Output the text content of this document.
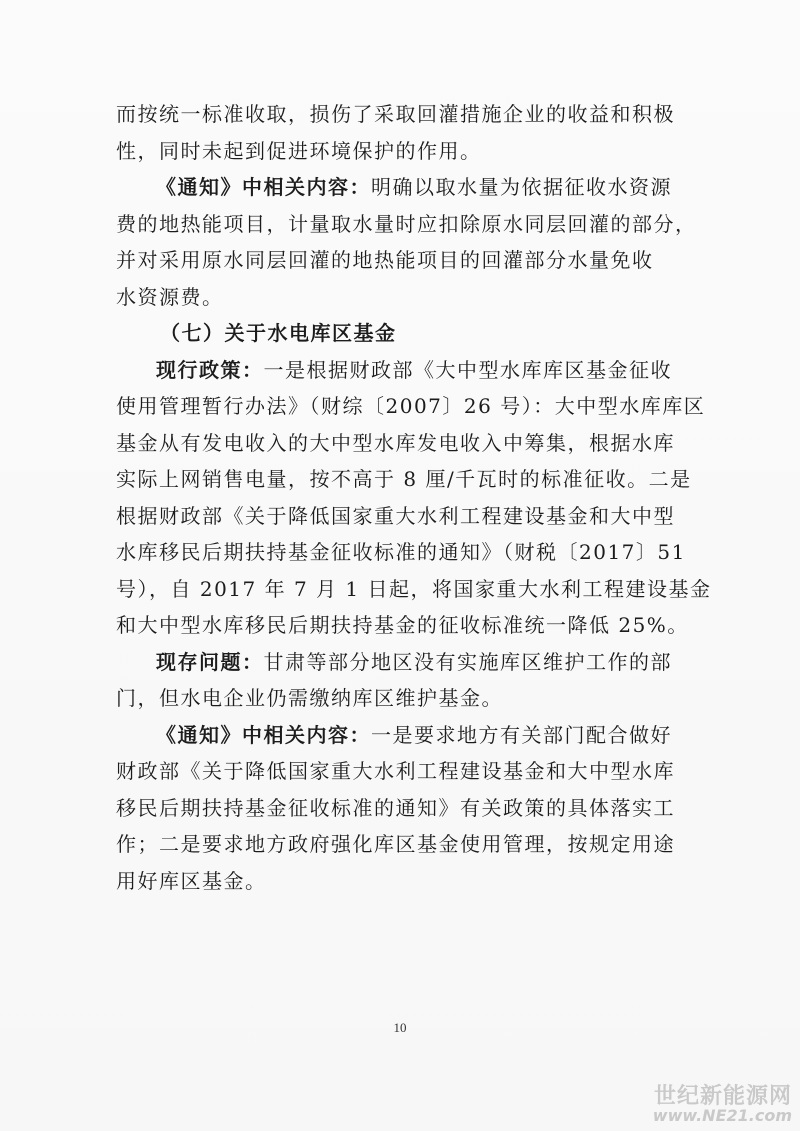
而按统一标准收取，损伤了采取回灌措施企业的收益和积极
性，同时未起到促进环境保护的作用。

《通知》中相关内容：明确以取水量为依据征收水资源
费的地热能项目，计量取水量时应扣除原水同层回灌的部分，
并对采用原水同层回灌的地热能项目的回灌部分水量免收
水资源费。

（七）关于水电库区基金

现行政策：一是根据财政部《大中型水库库区基金征收
使用管理暂行办法》（财综〔2007〕26 号）：大中型水库库区
基金从有发电收入的大中型水库发电收入中筹集，根据水库
实际上网销售电量，按不高于 8 厘/千瓦时的标准征收。二是
根据财政部《关于降低国家重大水利工程建设基金和大中型
水库移民后期扶持基金征收标准的通知》（财税〔2017〕51
号），自 2017 年 7 月 1 日起，将国家重大水利工程建设基金
和大中型水库移民后期扶持基金的征收标准统一降低 25%。

现存问题：甘肃等部分地区没有实施库区维护工作的部
门，但水电企业仍需缴纳库区维护基金。

《通知》中相关内容：一是要求地方有关部门配合做好
财政部《关于降低国家重大水利工程建设基金和大中型水库
移民后期扶持基金征收标准的通知》有关政策的具体落实工
作；二是要求地方政府强化库区基金使用管理，按规定用途
用好库区基金。

10
世纪新能源网
www.NE21.com
